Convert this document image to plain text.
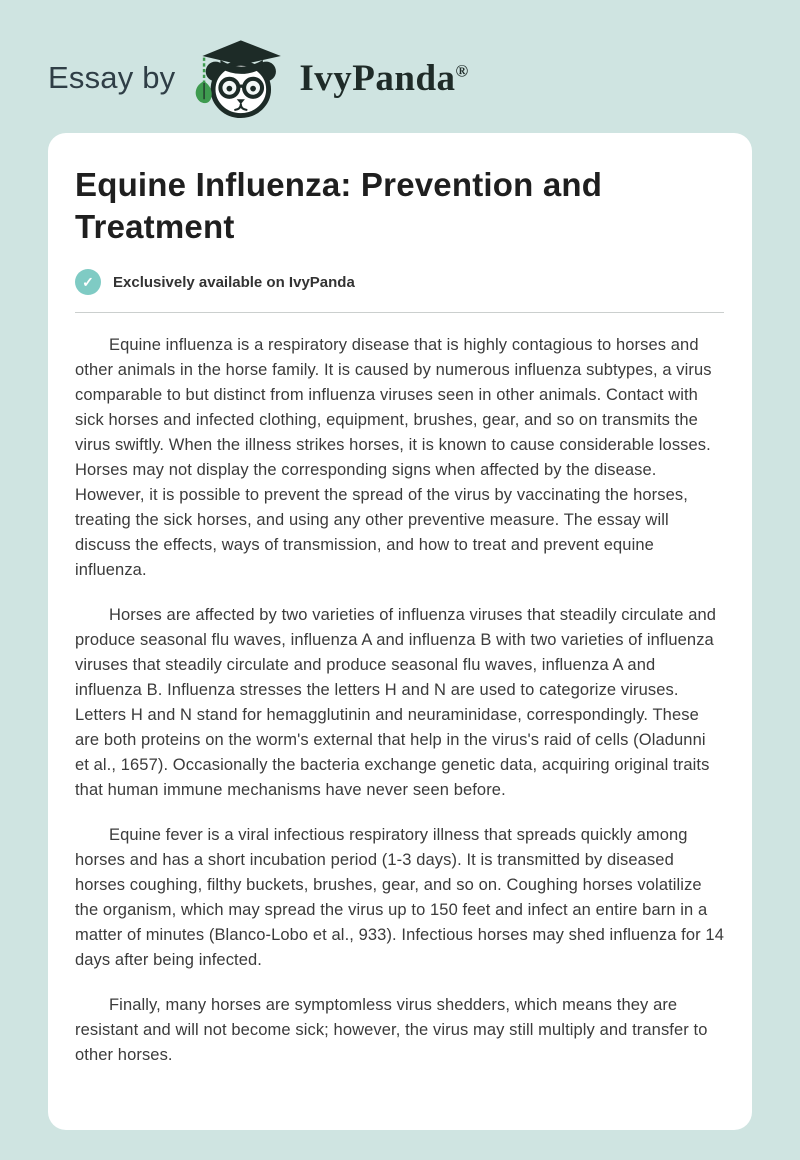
Essay by	IvyPanda®
Equine Influenza: Prevention and Treatment
✓	Exclusively available on IvyPanda

Equine influenza is a respiratory disease that is highly contagious to horses and other animals in the horse family. It is caused by numerous influenza subtypes, a virus comparable to but distinct from influenza viruses seen in other animals. Contact with sick horses and infected clothing, equipment, brushes, gear, and so on transmits the virus swiftly. When the illness strikes horses, it is known to cause considerable losses. Horses may not display the corresponding signs when affected by the disease. However, it is possible to prevent the spread of the virus by vaccinating the horses, treating the sick horses, and using any other preventive measure. The essay will discuss the effects, ways of transmission, and how to treat and prevent equine influenza.

Horses are affected by two varieties of influenza viruses that steadily circulate and produce seasonal flu waves, influenza A and influenza B with two varieties of influenza viruses that steadily circulate and produce seasonal flu waves, influenza A and influenza B. Influenza stresses the letters H and N are used to categorize viruses. Letters H and N stand for hemagglutinin and neuraminidase, correspondingly. These are both proteins on the worm's external that help in the virus's raid of cells (Oladunni et al., 1657). Occasionally the bacteria exchange genetic data, acquiring original traits that human immune mechanisms have never seen before.

Equine fever is a viral infectious respiratory illness that spreads quickly among horses and has a short incubation period (1-3 days). It is transmitted by diseased horses coughing, filthy buckets, brushes, gear, and so on. Coughing horses volatilize the organism, which may spread the virus up to 150 feet and infect an entire barn in a matter of minutes (Blanco-Lobo et al., 933). Infectious horses may shed influenza for 14 days after being infected.

Finally, many horses are symptomless virus shedders, which means they are resistant and will not become sick; however, the virus may still multiply and transfer to other horses.
